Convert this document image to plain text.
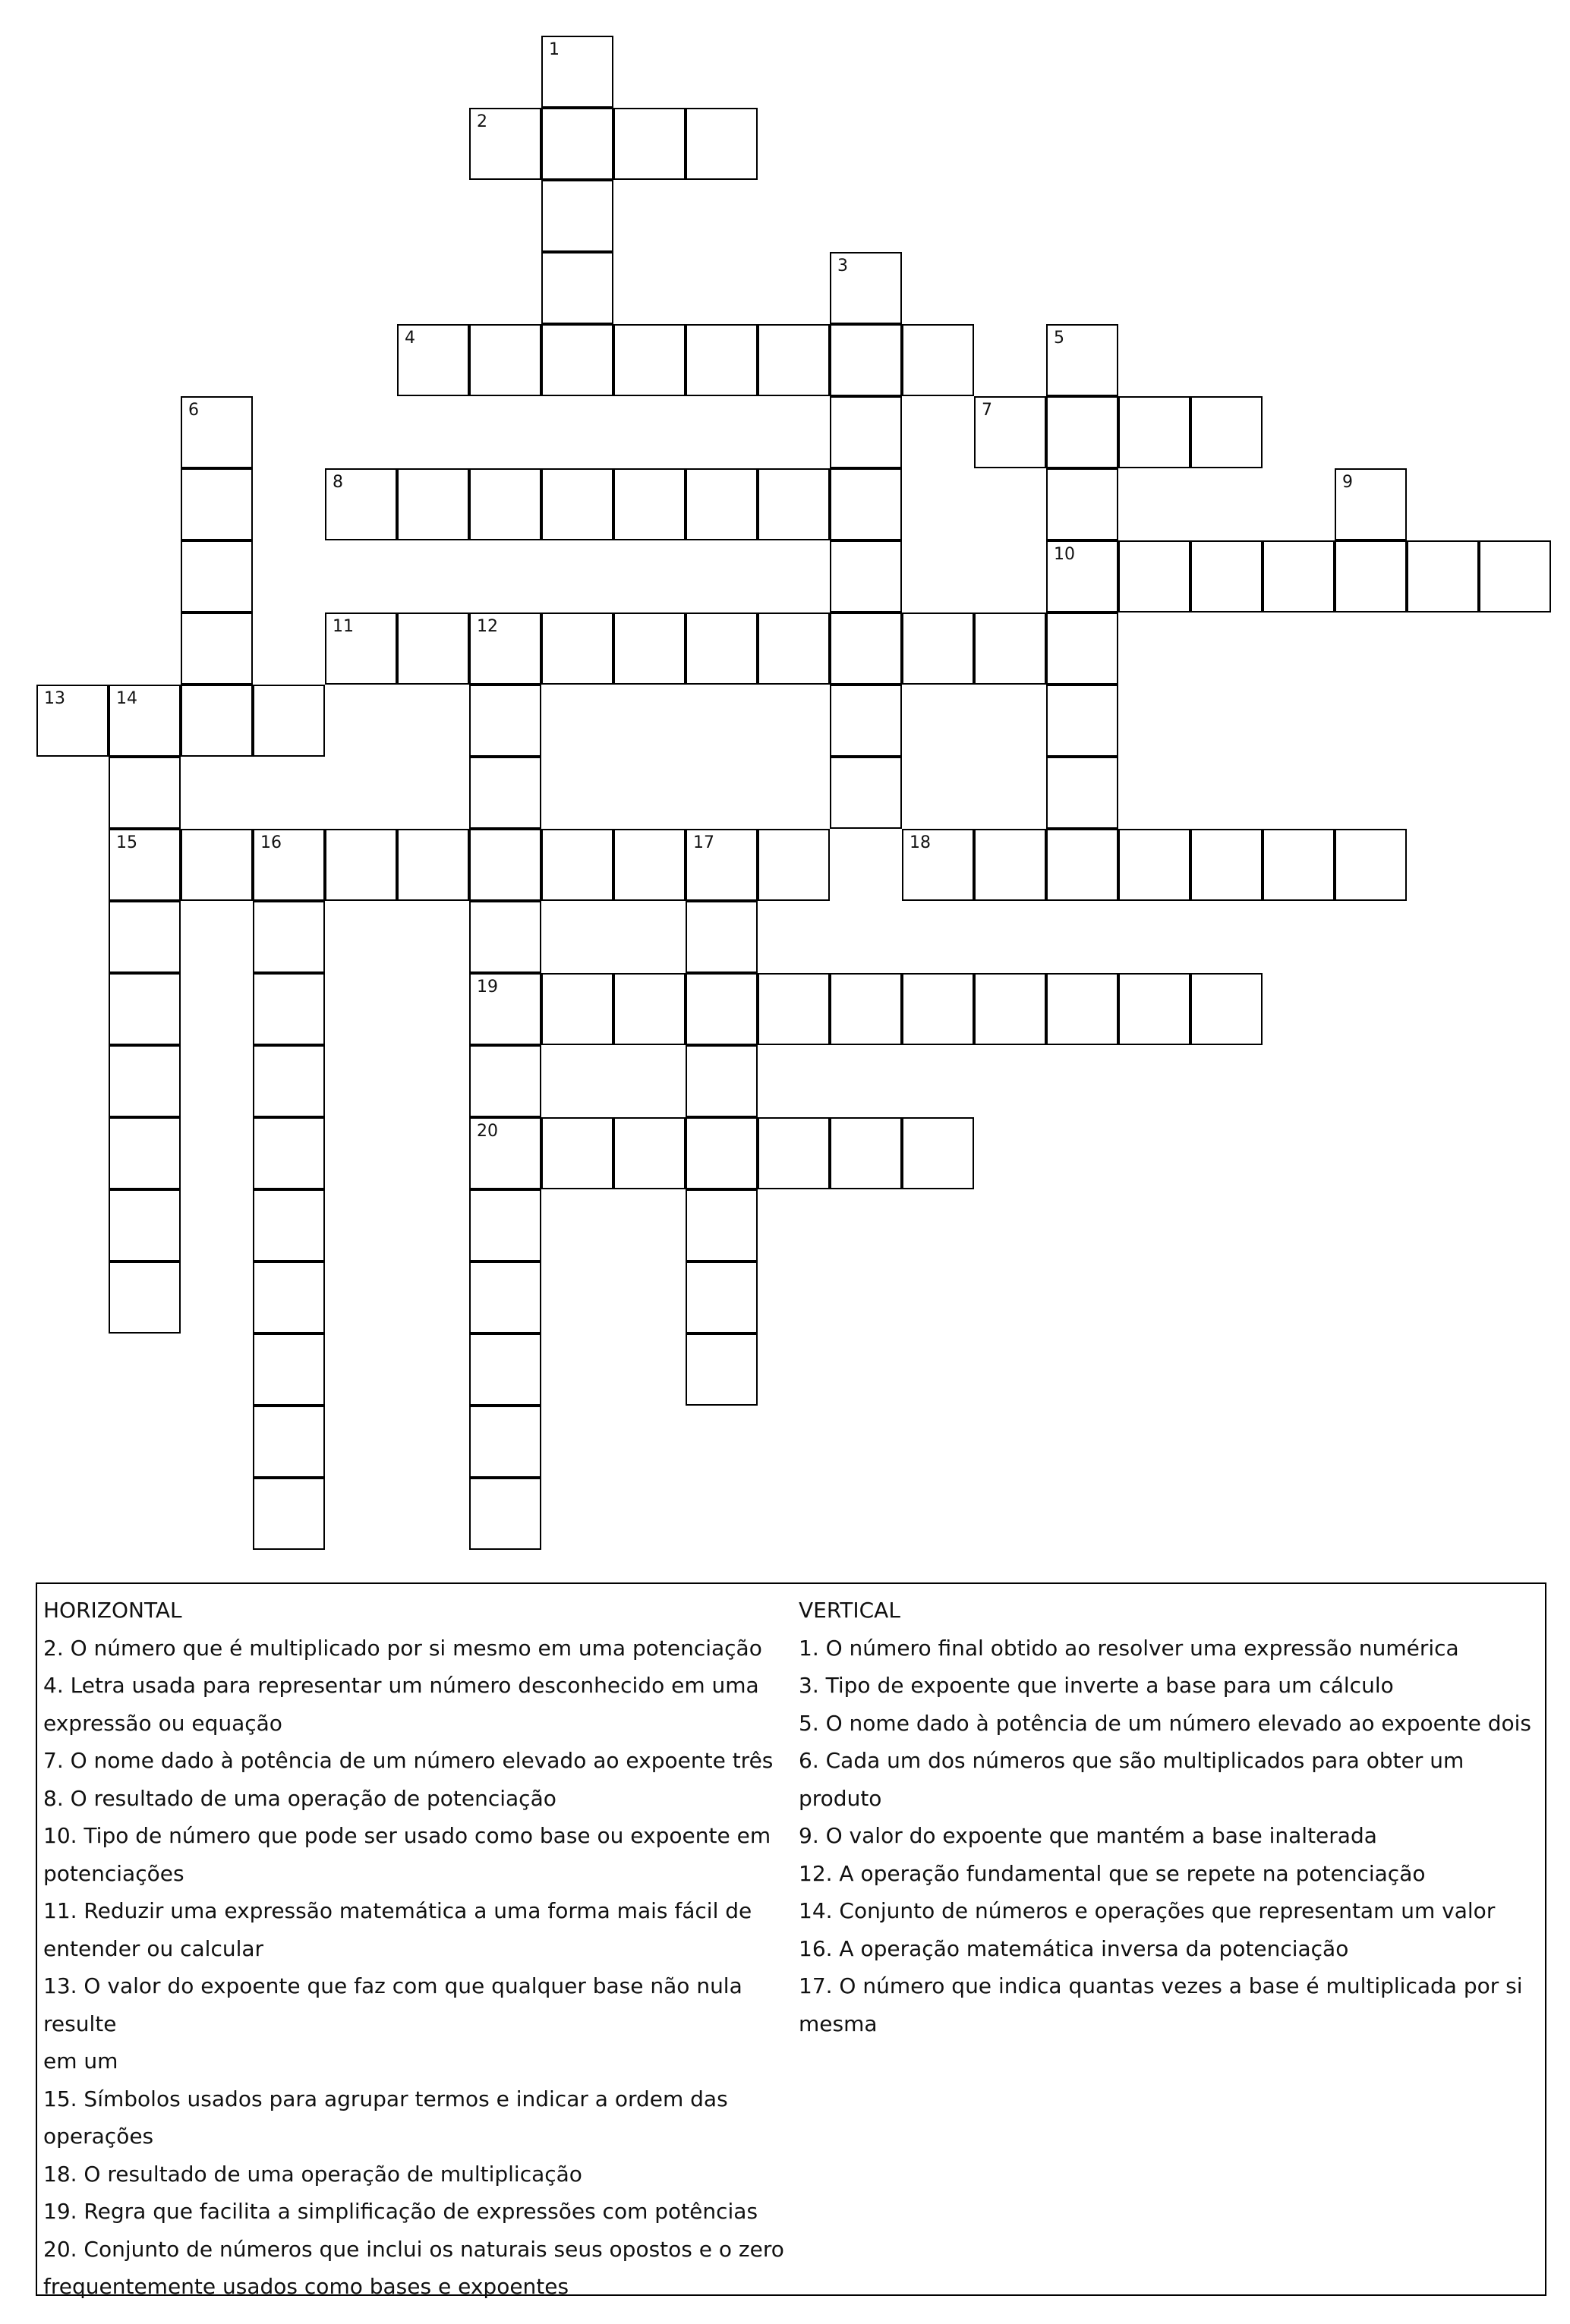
1
2
3
4	5
6	7
8	9
10
11	12
13	14
15	16	17	18
19
20

HORIZONTAL

2. O número que é multiplicado por si mesmo em uma potenciação

4. Letra usada para representar um número desconhecido em uma

expressão ou equação

7. O nome dado à potência de um número elevado ao expoente três

8. O resultado de uma operação de potenciação

10. Tipo de número que pode ser usado como base ou expoente em

potenciações

11. Reduzir uma expressão matemática a uma forma mais fácil de

entender ou calcular

13. O valor do expoente que faz com que qualquer base não nula resulte

em um

15. Símbolos usados para agrupar termos e indicar a ordem das

operações

18. O resultado de uma operação de multiplicação

19. Regra que facilita a simplificação de expressões com potências

20. Conjunto de números que inclui os naturais seus opostos e o zero

frequentemente usados como bases e expoentes

VERTICAL

1. O número final obtido ao resolver uma expressão numérica

3. Tipo de expoente que inverte a base para um cálculo

5. O nome dado à potência de um número elevado ao expoente dois

6. Cada um dos números que são multiplicados para obter um produto

9. O valor do expoente que mantém a base inalterada

12. A operação fundamental que se repete na potenciação

14. Conjunto de números e operações que representam um valor

16. A operação matemática inversa da potenciação

17. O número que indica quantas vezes a base é multiplicada por si

mesma
